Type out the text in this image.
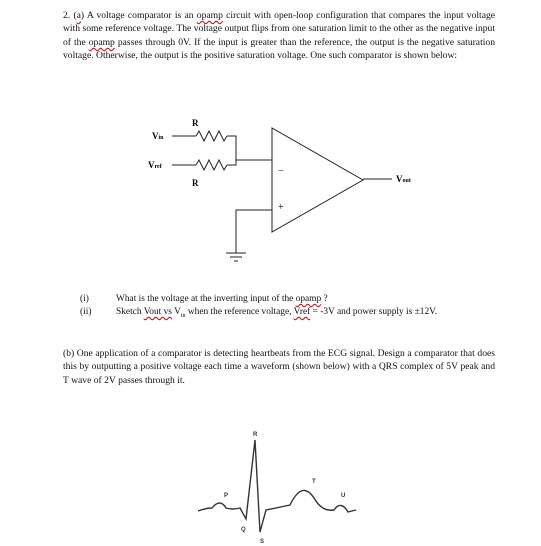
2. (a) A voltage comparator is an opamp circuit with open-loop configuration that compares the input voltage with some reference voltage. The voltage output flips from one saturation limit to the other as the negative input of the opamp passes through 0V. If the input is greater than the reference, the output is the negative saturation voltage. Otherwise, the output is the positive saturation voltage. One such comparator is shown below:

R
R
Vin
Vref
Vout
−
+
(i)	What is the voltage at the inverting input of the opamp ?
(ii)	Sketch Vout vs $V_{in}$ when the reference voltage, Vref = -3V and power supply is ±12V.

(b) One application of a comparator is detecting heartbeats from the ECG signal. Design a comparator that does this by outputting a positive voltage each time a waveform (shown below) with a QRS complex of 5V peak and T wave of 2V passes through it.

R
P
Q
S
T
U
